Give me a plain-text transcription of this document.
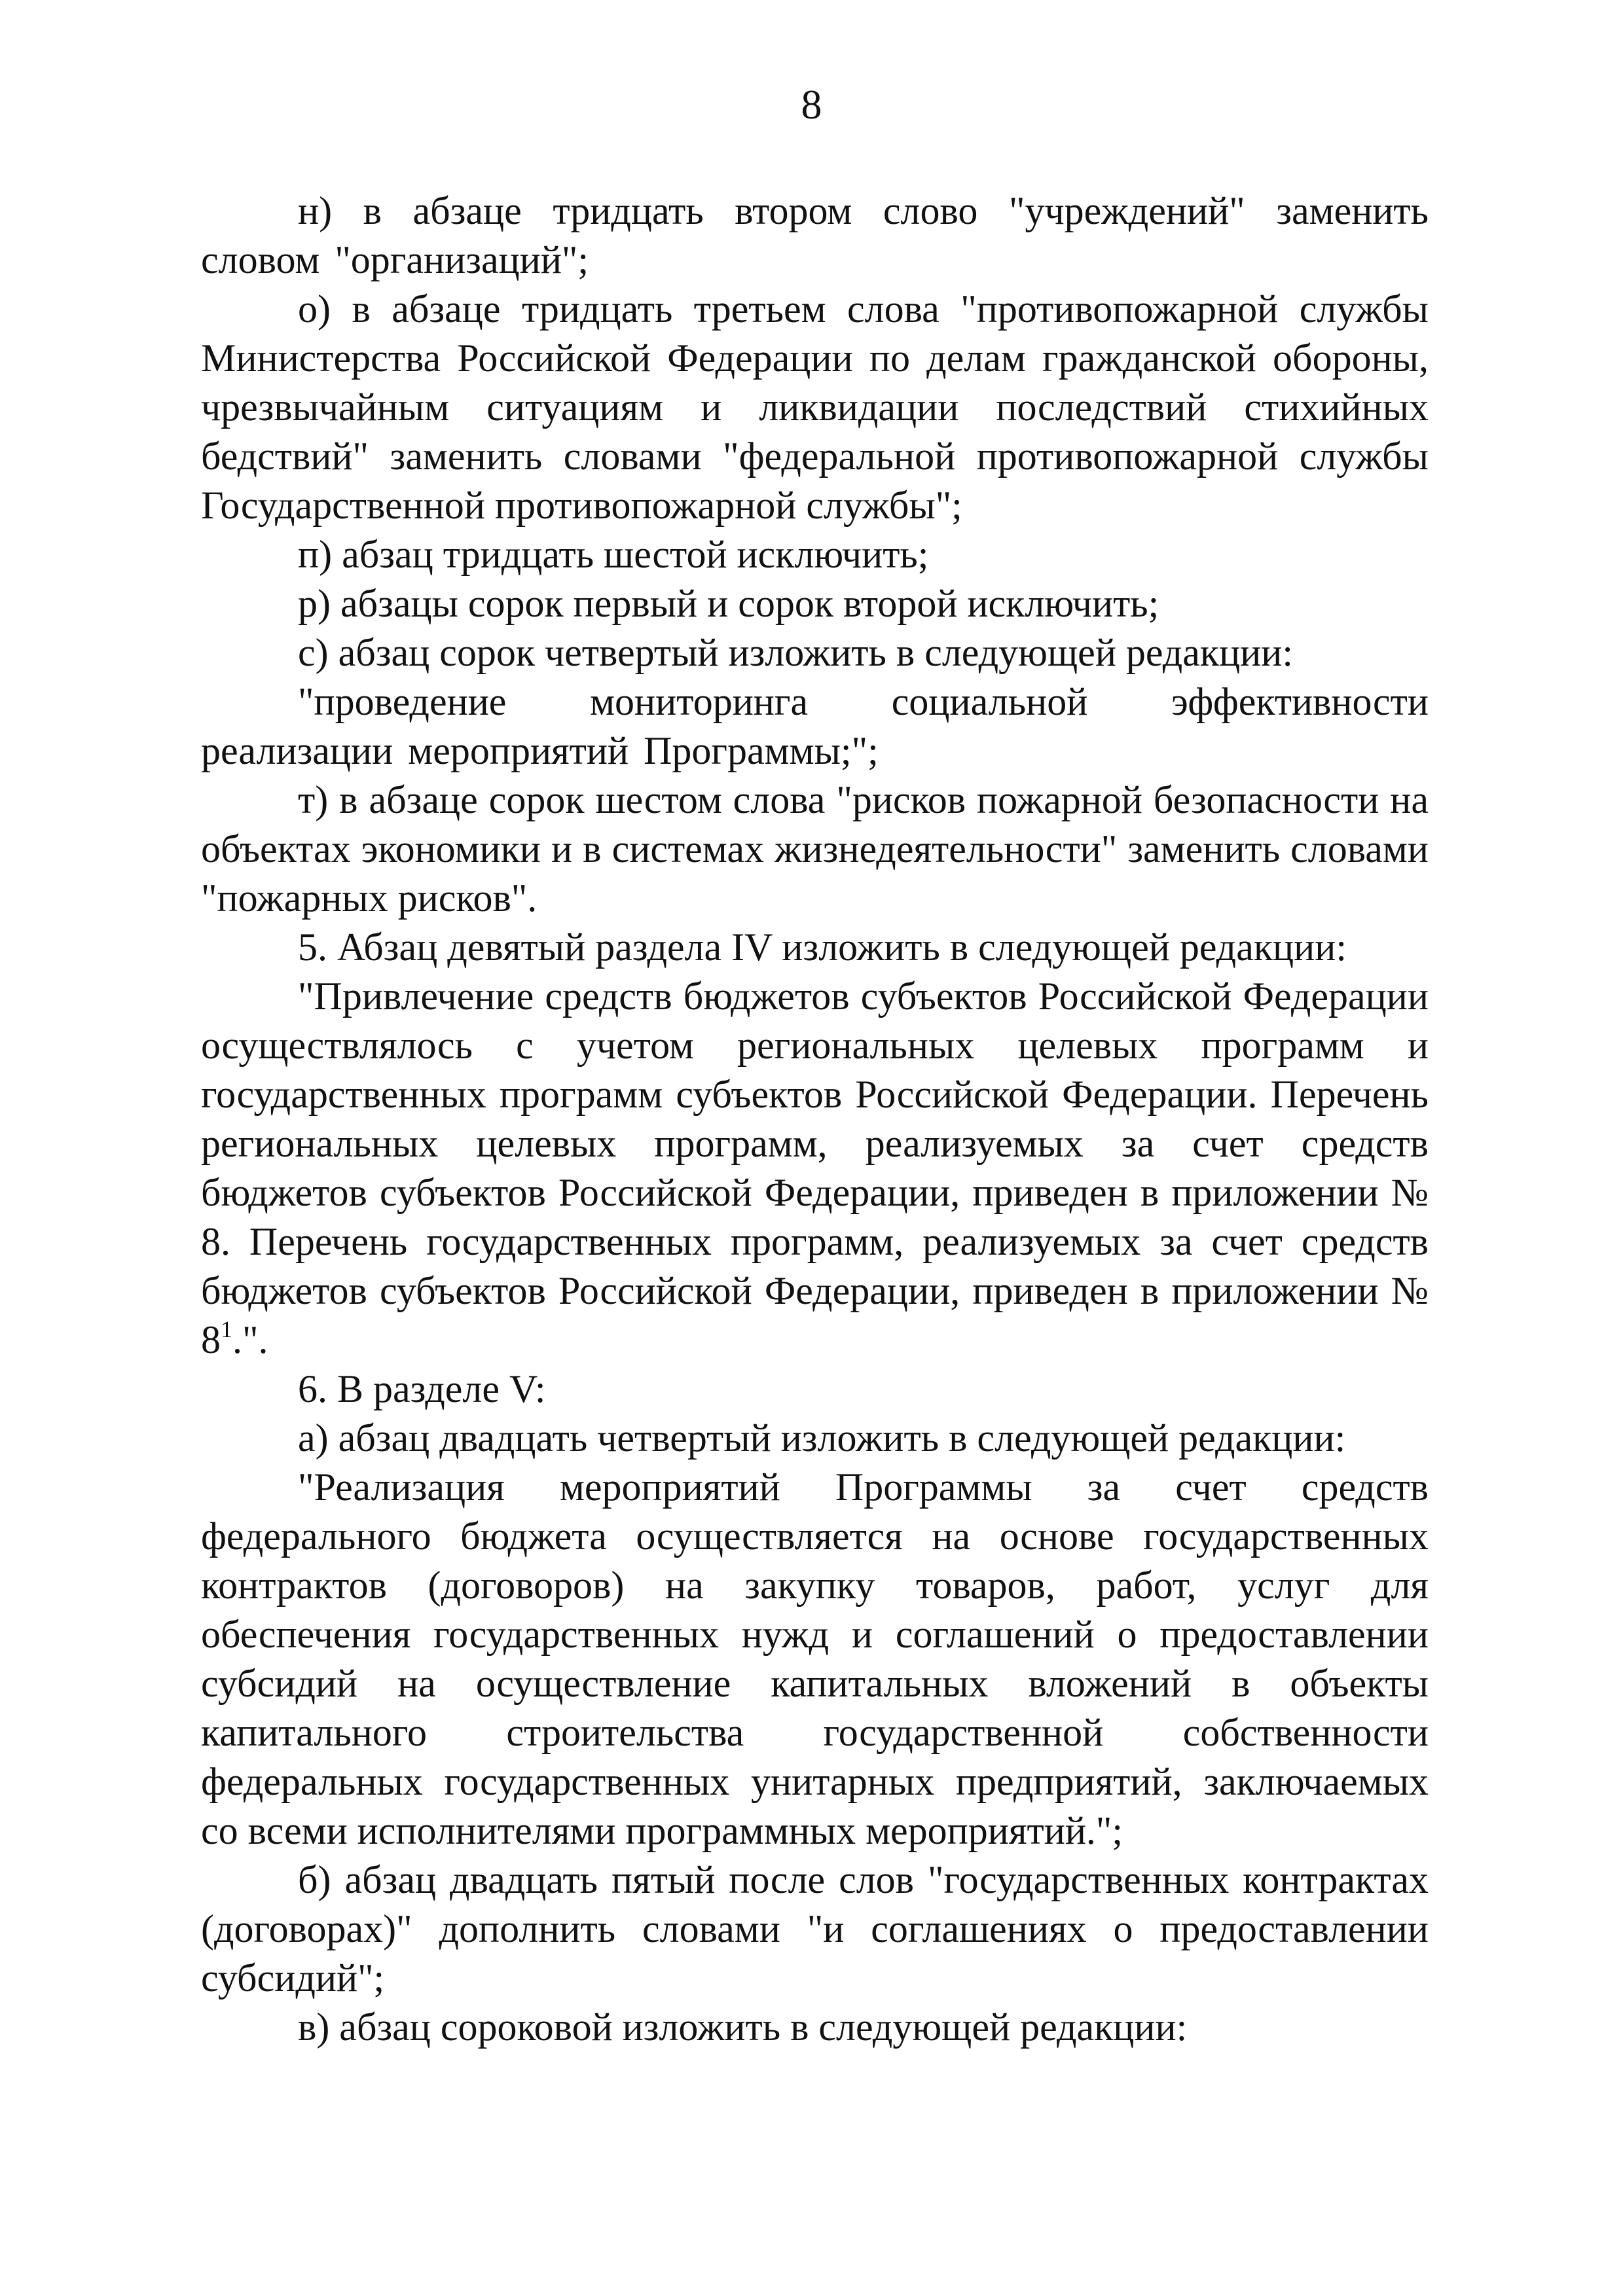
8

н) в абзаце тридцать втором слово "учреждений" заменить словом "организаций";

о) в абзаце тридцать третьем слова "противопожарной службы Министерства Российской Федерации по делам гражданской обороны, чрезвычайным ситуациям и ликвидации последствий стихийных бедствий" заменить словами "федеральной противопожарной службы Государственной противопожарной службы";

п) абзац тридцать шестой исключить;

р) абзацы сорок первый и сорок второй исключить;

с) абзац сорок четвертый изложить в следующей редакции:

"проведение мониторинга социальной эффективности реализации мероприятий Программы;";

т) в абзаце сорок шестом слова "рисков пожарной безопасности на объектах экономики и в системах жизнедеятельности" заменить словами "пожарных рисков".

5. Абзац девятый раздела IV изложить в следующей редакции:

"Привлечение средств бюджетов субъектов Российской Федерации осуществлялось с учетом региональных целевых программ и государственных программ субъектов Российской Федерации. Перечень региональных целевых программ, реализуемых за счет средств бюджетов субъектов Российской Федерации, приведен в приложении № 8. Перечень государственных программ, реализуемых за счет средств бюджетов субъектов Российской Федерации, приведен в приложении № $8^1$.".

6. В разделе V:

а) абзац двадцать четвертый изложить в следующей редакции:

"Реализация мероприятий Программы за счет средств федерального бюджета осуществляется на основе государственных контрактов (договоров) на закупку товаров, работ, услуг для обеспечения государственных нужд и соглашений о предоставлении субсидий на осуществление капитальных вложений в объекты капитального строительства государственной собственности федеральных государственных унитарных предприятий, заключаемых со всеми исполнителями программных мероприятий.";

б) абзац двадцать пятый после слов "государственных контрактах (договорах)" дополнить словами "и соглашениях о предоставлении субсидий";

в) абзац сороковой изложить в следующей редакции:
